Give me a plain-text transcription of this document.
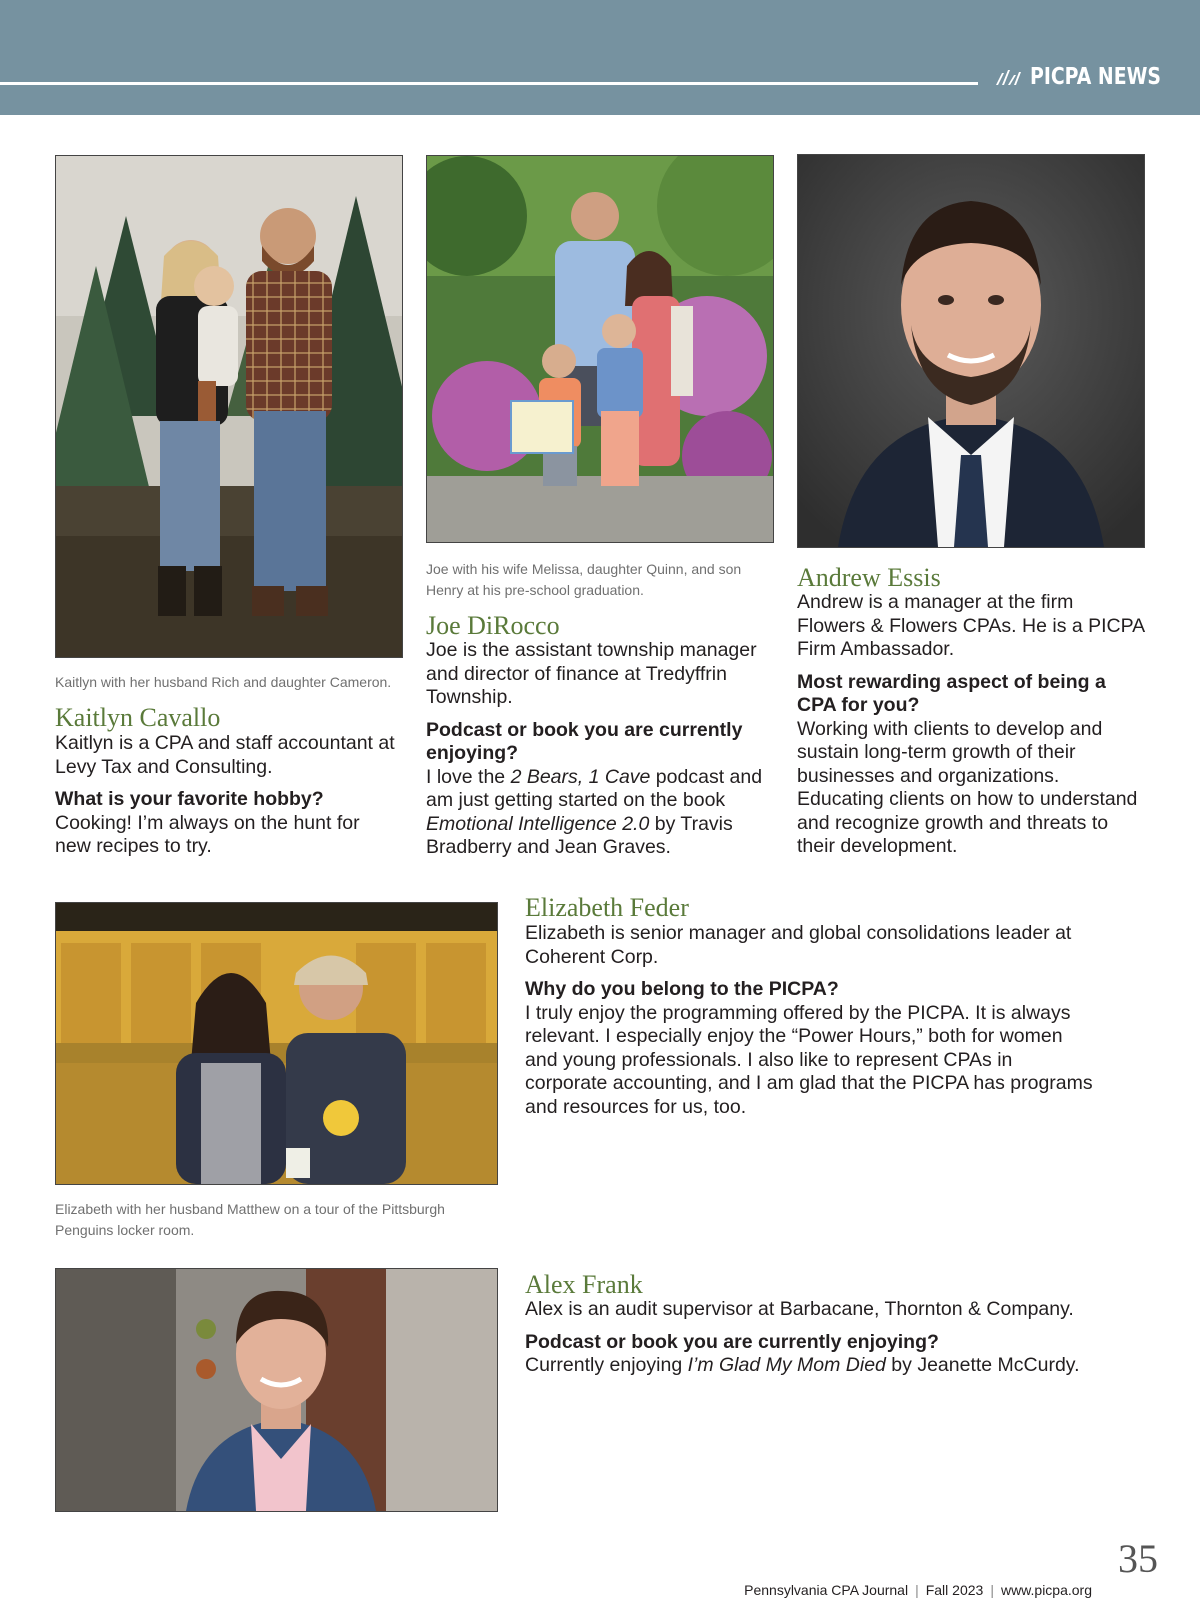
PICPA NEWS
Kaitlyn with her husband Rich and daughter Cameron.
Kaitlyn Cavallo

Kaitlyn is a CPA and staff accountant at Levy Tax and Consulting.

What is your favorite hobby?

Cooking! I’m always on the hunt for new recipes to try.

Joe with his wife Melissa, daughter Quinn, and son Henry at his pre-school graduation.
Joe DiRocco

Joe is the assistant township manager and director of finance at Tredyffrin Township.

Podcast or book you are currently enjoying?

I love the 2 Bears, 1 Cave podcast and am just getting started on the book Emotional Intelligence 2.0 by Travis Bradberry and Jean Graves.

Andrew Essis

Andrew is a manager at the firm Flowers & Flowers CPAs. He is a PICPA Firm Ambassador.

Most rewarding aspect of being a CPA for you?

Working with clients to develop and sustain long-term growth of their businesses and organizations. Educating clients on how to understand and recognize growth and threats to their development.

Elizabeth with her husband Matthew on a tour of the Pittsburgh Penguins locker room.
Elizabeth Feder

Elizabeth is senior manager and global consolidations leader at Coherent Corp.

Why do you belong to the PICPA?

I truly enjoy the programming offered by the PICPA. It is always relevant. I especially enjoy the “Power Hours,” both for women and young professionals. I also like to represent CPAs in corporate accounting, and I am glad that the PICPA has programs and resources for us, too.

Alex Frank

Alex is an audit supervisor at Barbacane, Thornton & Company.

Podcast or book you are currently enjoying?

Currently enjoying I’m Glad My Mom Died by Jeanette McCurdy.

Pennsylvania CPA Journal | Fall 2023 | www.picpa.org
35
